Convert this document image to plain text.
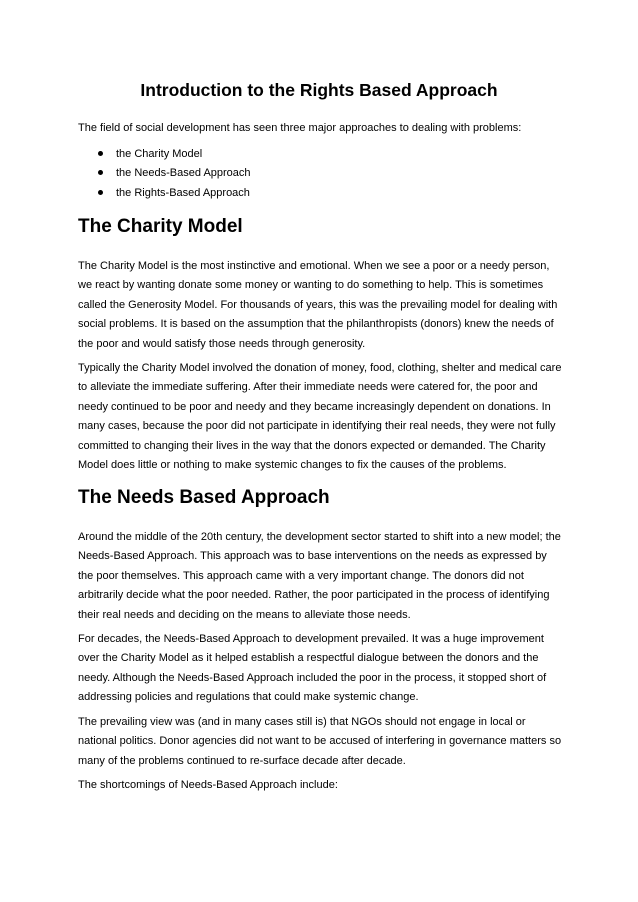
Introduction to the Rights Based Approach

The field of social development has seen three major approaches to dealing with problems:

the Charity Model
the Needs-Based Approach
the Rights-Based Approach
The Charity Model

The Charity Model is the most instinctive and emotional. When we see a poor or a needy person, we react by wanting donate some money or wanting to do something to help. This is sometimes called the Generosity Model. For thousands of years, this was the prevailing model for dealing with social problems. It is based on the assumption that the philanthropists (donors) knew the needs of the poor and would satisfy those needs through generosity.

Typically the Charity Model involved the donation of money, food, clothing, shelter and medical care to alleviate the immediate suffering. After their immediate needs were catered for, the poor and needy continued to be poor and needy and they became increasingly dependent on donations. In many cases, because the poor did not participate in identifying their real needs, they were not fully committed to changing their lives in the way that the donors expected or demanded. The Charity Model does little or nothing to make systemic changes to fix the causes of the problems.

The Needs Based Approach

Around the middle of the 20th century, the development sector started to shift into a new model; the Needs-Based Approach. This approach was to base interventions on the needs as expressed by the poor themselves. This approach came with a very important change. The donors did not arbitrarily decide what the poor needed. Rather, the poor participated in the process of identifying their real needs and deciding on the means to alleviate those needs.

For decades, the Needs-Based Approach to development prevailed. It was a huge improvement over the Charity Model as it helped establish a respectful dialogue between the donors and the needy. Although the Needs-Based Approach included the poor in the process, it stopped short of addressing policies and regulations that could make systemic change.

The prevailing view was (and in many cases still is) that NGOs should not engage in local or national politics. Donor agencies did not want to be accused of interfering in governance matters so many of the problems continued to re-surface decade after decade.

The shortcomings of Needs-Based Approach include:
